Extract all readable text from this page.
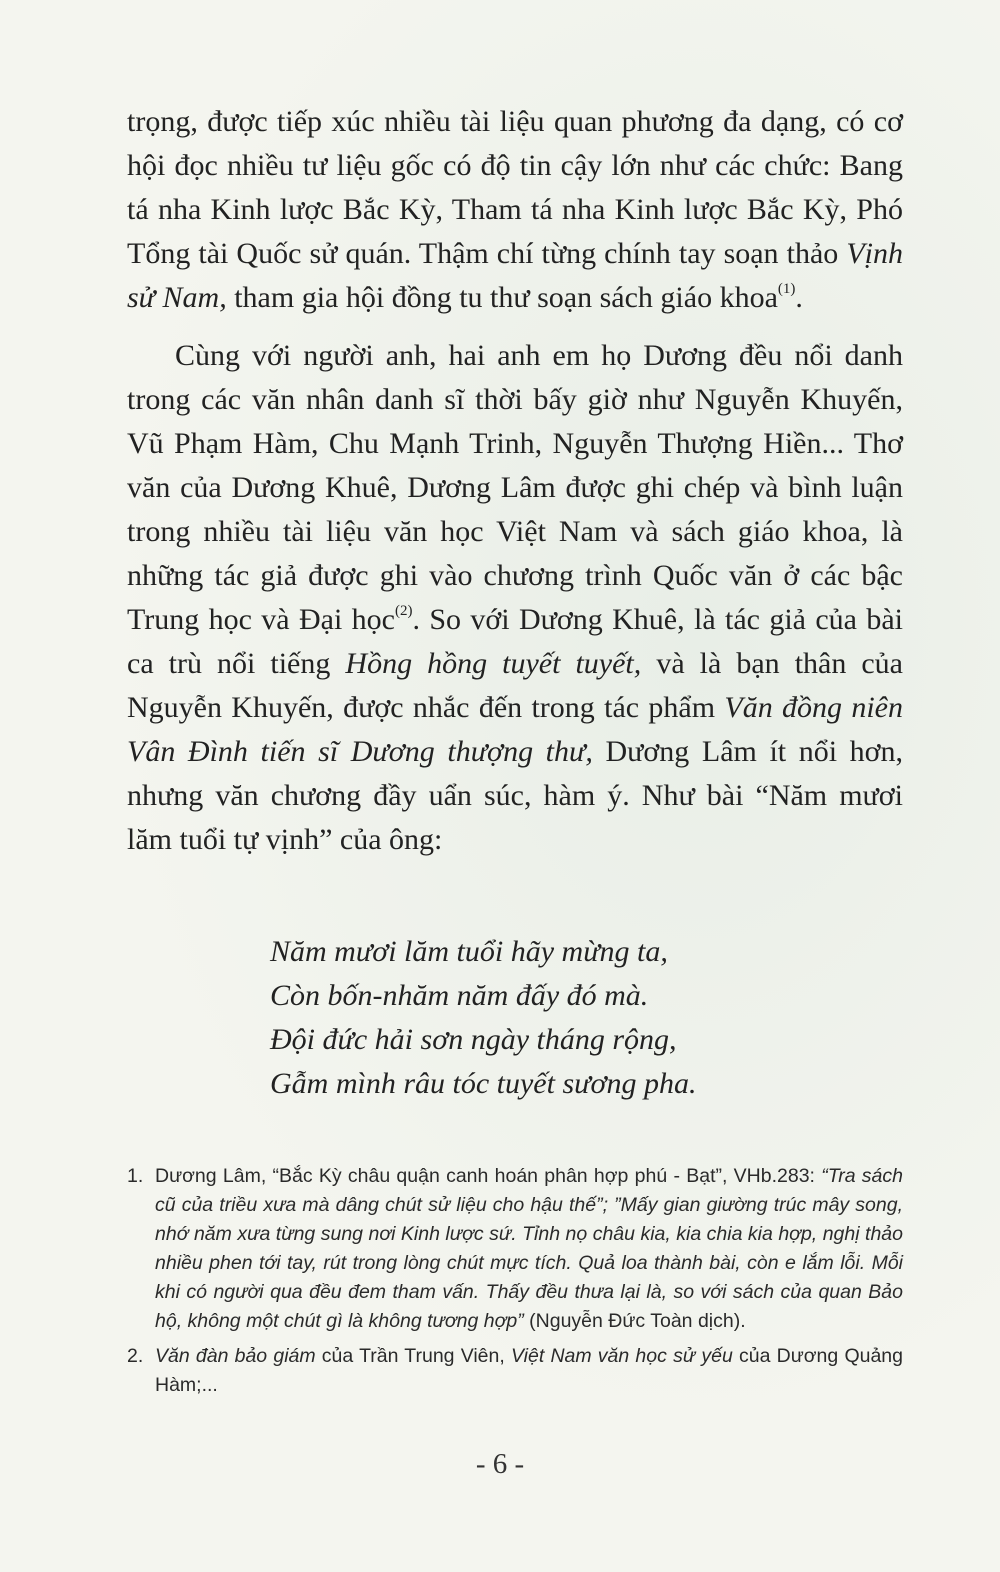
trọng, được tiếp xúc nhiều tài liệu quan phương đa dạng, có cơ hội đọc nhiều tư liệu gốc có độ tin cậy lớn như các chức: Bang tá nha Kinh lược Bắc Kỳ, Tham tá nha Kinh lược Bắc Kỳ, Phó Tổng tài Quốc sử quán. Thậm chí từng chính tay soạn thảo Vịnh sử Nam, tham gia hội đồng tu thư soạn sách giáo khoa$^{(1)}$.

Cùng với người anh, hai anh em họ Dương đều nổi danh trong các văn nhân danh sĩ thời bấy giờ như Nguyễn Khuyến, Vũ Phạm Hàm, Chu Mạnh Trinh, Nguyễn Thượng Hiền... Thơ văn của Dương Khuê, Dương Lâm được ghi chép và bình luận trong nhiều tài liệu văn học Việt Nam và sách giáo khoa, là những tác giả được ghi vào chương trình Quốc văn ở các bậc Trung học và Đại học$^{(2)}$. So với Dương Khuê, là tác giả của bài ca trù nổi tiếng Hồng hồng tuyết tuyết, và là bạn thân của Nguyễn Khuyến, được nhắc đến trong tác phẩm Văn đồng niên Vân Đình tiến sĩ Dương thượng thư, Dương Lâm ít nổi hơn, nhưng văn chương đầy uẩn súc, hàm ý. Như bài “Năm mươi lăm tuổi tự vịnh” của ông:

Năm mươi lăm tuổi hãy mừng ta,
Còn bốn-nhăm năm đấy đó mà.
Đội đức hải sơn ngày tháng rộng,
Gẫm mình râu tóc tuyết sương pha.
1. Dương Lâm, “Bắc Kỳ châu quận canh hoán phân hợp phú - Bạt”, VHb.283: “Tra sách cũ của triều xưa mà dâng chút sử liệu cho hậu thế”; ”Mấy gian giường trúc mây song, nhớ năm xưa từng sung nơi Kinh lược sứ. Tỉnh nọ châu kia, kia chia kia hợp, nghị thảo nhiều phen tới tay, rút trong lòng chút mực tích. Quả loa thành bài, còn e lắm lỗi. Mỗi khi có người qua đều đem tham vấn. Thấy đều thưa lại là, so với sách của quan Bảo hộ, không một chút gì là không tương hợp” (Nguyễn Đức Toàn dịch).
2. Văn đàn bảo giám của Trần Trung Viên, Việt Nam văn học sử yếu của Dương Quảng Hàm;...
- 6 -
